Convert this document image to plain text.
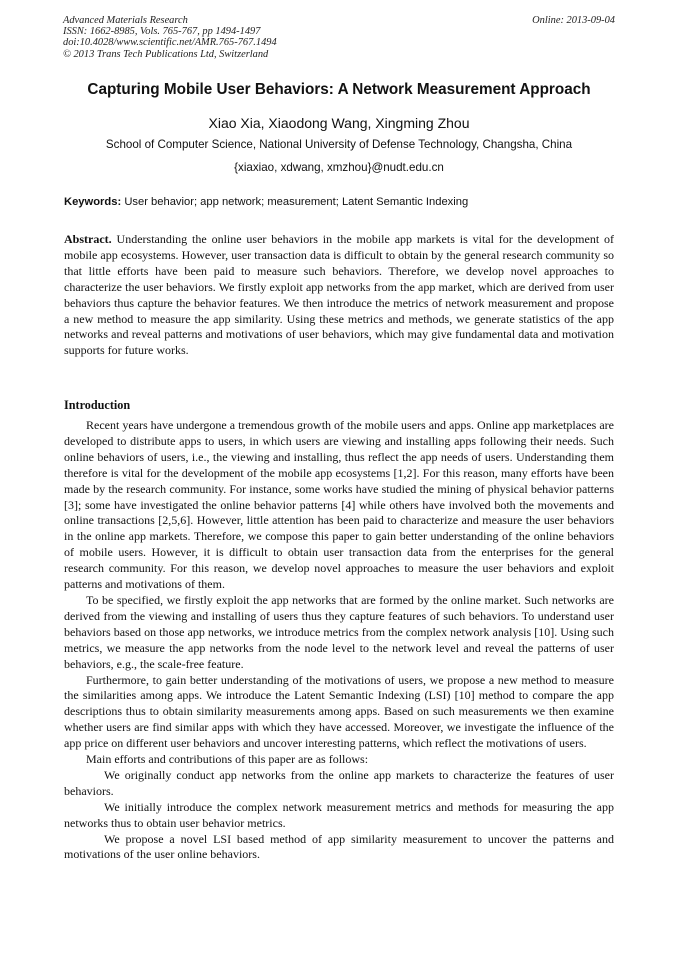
Advanced Materials Research
ISSN: 1662-8985, Vols. 765-767, pp 1494-1497
doi:10.4028/www.scientific.net/AMR.765-767.1494
© 2013 Trans Tech Publications Ltd, Switzerland
Online: 2013-09-04
Capturing Mobile User Behaviors: A Network Measurement Approach
Xiao Xia, Xiaodong Wang, Xingming Zhou
School of Computer Science, National University of Defense Technology, Changsha, China
{xiaxiao, xdwang, xmzhou}@nudt.edu.cn
Keywords: User behavior; app network; measurement; Latent Semantic Indexing
Abstract. Understanding the online user behaviors in the mobile app markets is vital for the development of mobile app ecosystems. However, user transaction data is difficult to obtain by the general research community so that little efforts have been paid to measure such behaviors. Therefore, we develop novel approaches to characterize the user behaviors. We firstly exploit app networks from the app market, which are derived from user behaviors thus capture the behavior features. We then introduce the metrics of network measurement and propose a new method to measure the app similarity. Using these metrics and methods, we generate statistics of the app networks and reveal patterns and motivations of user behaviors, which may give fundamental data and motivation supports for future works.
Introduction

Recent years have undergone a tremendous growth of the mobile users and apps. Online app marketplaces are developed to distribute apps to users, in which users are viewing and installing apps following their needs. Such online behaviors of users, i.e., the viewing and installing, thus reflect the app needs of users. Understanding them therefore is vital for the development of the mobile app ecosystems [1,2]. For this reason, many efforts have been made by the research community. For instance, some works have studied the mining of physical behavior patterns [3]; some have investigated the online behavior patterns [4] while others have involved both the movements and online transactions [2,5,6]. However, little attention has been paid to characterize and measure the user behaviors in the online app markets. Therefore, we compose this paper to gain better understanding of the online behaviors of mobile users. However, it is difficult to obtain user transaction data from the enterprises for the general research community. For this reason, we develop novel approaches to measure the user behaviors and exploit patterns and motivations of them.

To be specified, we firstly exploit the app networks that are formed by the online market. Such networks are derived from the viewing and installing of users thus they capture features of such behaviors. To understand user behaviors based on those app networks, we introduce metrics from the complex network analysis [10]. Using such metrics, we measure the app networks from the node level to the network level and reveal the patterns of user behaviors, e.g., the scale-free feature.

Furthermore, to gain better understanding of the motivations of users, we propose a new method to measure the similarities among apps. We introduce the Latent Semantic Indexing (LSI) [10] method to compare the app descriptions thus to obtain similarity measurements among apps. Based on such measurements we then examine whether users are find similar apps with which they have accessed. Moreover, we investigate the influence of the app price on different user behaviors and uncover interesting patterns, which reflect the motivations of users.

Main efforts and contributions of this paper are as follows:

We originally conduct app networks from the online app markets to characterize the features of user behaviors.

We initially introduce the complex network measurement metrics and methods for measuring the app networks thus to obtain user behavior metrics.

We propose a novel LSI based method of app similarity measurement to uncover the patterns and motivations of the user online behaviors.
